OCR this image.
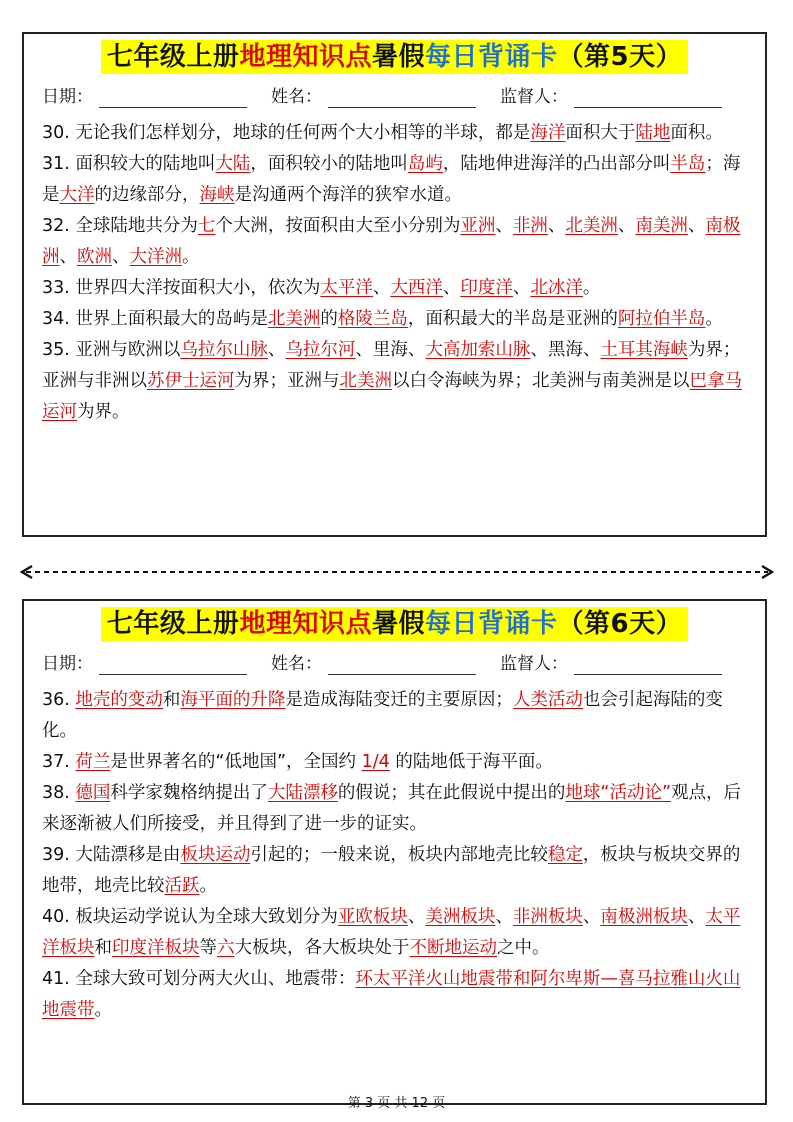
七年级上册地理知识点暑假每日背诵卡（第5天）
日期：	姓名：	监督人：

30. 无论我们怎样划分，地球的任何两个大小相等的半球，都是海洋面积大于陆地面积。

31. 面积较大的陆地叫大陆，面积较小的陆地叫岛屿，陆地伸进海洋的凸出部分叫半岛；海是大洋的边缘部分，海峡是沟通两个海洋的狭窄水道。

32. 全球陆地共分为七个大洲，按面积由大至小分别为亚洲、非洲、北美洲、南美洲、南极洲、欧洲、大洋洲。

33. 世界四大洋按面积大小，依次为太平洋、大西洋、印度洋、北冰洋。

34. 世界上面积最大的岛屿是北美洲的格陵兰岛，面积最大的半岛是亚洲的阿拉伯半岛。

35. 亚洲与欧洲以乌拉尔山脉、乌拉尔河、里海、大高加索山脉、黑海、土耳其海峡为界；亚洲与非洲以苏伊士运河为界；亚洲与北美洲以白令海峡为界；北美洲与南美洲是以巴拿马运河为界。

七年级上册地理知识点暑假每日背诵卡（第6天）
日期：	姓名：	监督人：

36. 地壳的变动和海平面的升降是造成海陆变迁的主要原因；人类活动也会引起海陆的变化。

37. 荷兰是世界著名的“低地国”，全国约 1/4 的陆地低于海平面。

38. 德国科学家魏格纳提出了大陆漂移的假说；其在此假说中提出的地球“活动论”观点，后来逐渐被人们所接受，并且得到了进一步的证实。

39. 大陆漂移是由板块运动引起的；一般来说，板块内部地壳比较稳定，板块与板块交界的地带，地壳比较活跃。

40. 板块运动学说认为全球大致划分为亚欧板块、美洲板块、非洲板块、南极洲板块、太平洋板块和印度洋板块等六大板块，各大板块处于不断地运动之中。

41. 全球大致可划分两大火山、地震带：环太平洋火山地震带和阿尔卑斯—喜马拉雅山火山地震带。

第 3 页 共 12 页
